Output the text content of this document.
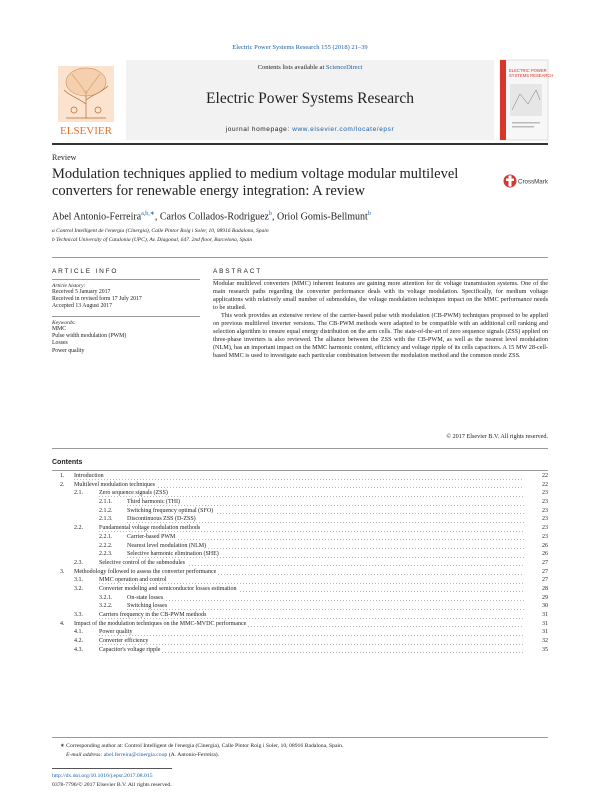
Electric Power Systems Research 155 (2018) 21–39
Contents lists available at ScienceDirect
Electric Power Systems Research
journal homepage: www.elsevier.com/locate/epsr
ELSEVIER
ELECTRIC POWER
SYSTEMS RESEARCH
Review
Modulation techniques applied to medium voltage modular multilevel converters for renewable energy integration: A review
CrossMark
Abel Antonio-Ferreira$^{a,b,∗}$, Carlos Collados-Rodriguez$^b$, Oriol Gomis-Bellmunt$^b$
a Control Intelligent de l'energia (Cinergia), Calle Pintor Roig i Soler, 10, 08916 Badalona, Spain
b Technical University of Catalonia (UPC), Av. Diagonal, 647. 2nd floor, Barcelona, Spain
ARTICLE INFO
Article history:
Received 5 January 2017
Received in revised form 17 July 2017
Accepted 13 August 2017
Keywords:
MMC
Pulse width modulation (PWM)
Losses
Power quality
ABSTRACT

Modular multilevel converters (MMC) inherent features are gaining more attention for dc voltage transmission systems. One of the main research paths regarding the converter performance deals with its voltage modulation. Specifically, for medium voltage applications with relatively small number of submodules, the voltage modulation techniques impact on the MMC performance needs to be studied.

This work provides an extensive review of the carrier-based pulse with modulation (CB-PWM) techniques proposed to be applied on previous multilevel inverter versions. The CB-PWM methods were adapted to be compatible with an additional cell ranking and selection algorithm to ensure equal energy distribution on the arm cells. The state-of-the-art of zero sequence signals (ZSS) applied on three-phase inverters is also reviewed. The alliance between the ZSS with the CB-PWM, as well as the nearest level modulation (NLM), has an important impact on the MMC harmonic content, efficiency and voltage ripple of its cells capacitors. A 15 MW 28-cell-based MMC is used to investigate each particular combination between the modulation method and the common mode ZSS.

© 2017 Elsevier B.V. All rights reserved.
Contents
1. Introduction	22
2. Multilevel modulation techniques	22
2.1.	Zero sequence signals (ZSS)	23
2.1.1. Third harmonic (THI)	23
2.1.2. Switching frequency optimal (SFO)	23
2.1.3. Discontinuous ZSS (D-ZSS)	23
2.2.	Fundamental voltage modulation methods	23
2.2.1. Carrier-based PWM	23
2.2.2. Nearest level modulation (NLM)	26
2.2.3. Selective harmonic elimination (SHE)	26
2.3.	Selective control of the submodules	27
3. Methodology followed to assess the converter performance	27
3.1.	MMC operation and control	27
3.2.	Converter modeling and semiconductor losses estimation	28
3.2.1. On-state losses	29
3.2.2. Switching losses	30
3.3.	Carriers frequency in the CB-PWM methods	31
4. Impact of the modulation techniques on the MMC-MVDC performance	31
4.1.	Power quality	31
4.2.	Converter efficiency	32
4.3.	Capacitor's voltage ripple	35
∗ Corresponding author at: Control Intelligent de l'energia (Cinergia), Calle Pintor Roig i Soler, 10, 08916 Badalona, Spain.
E-mail address: abel.ferreira@cinergia.coop (A. Antonio-Ferreira).
http://dx.doi.org/10.1016/j.epsr.2017.08.015
0378-7796/© 2017 Elsevier B.V. All rights reserved.
